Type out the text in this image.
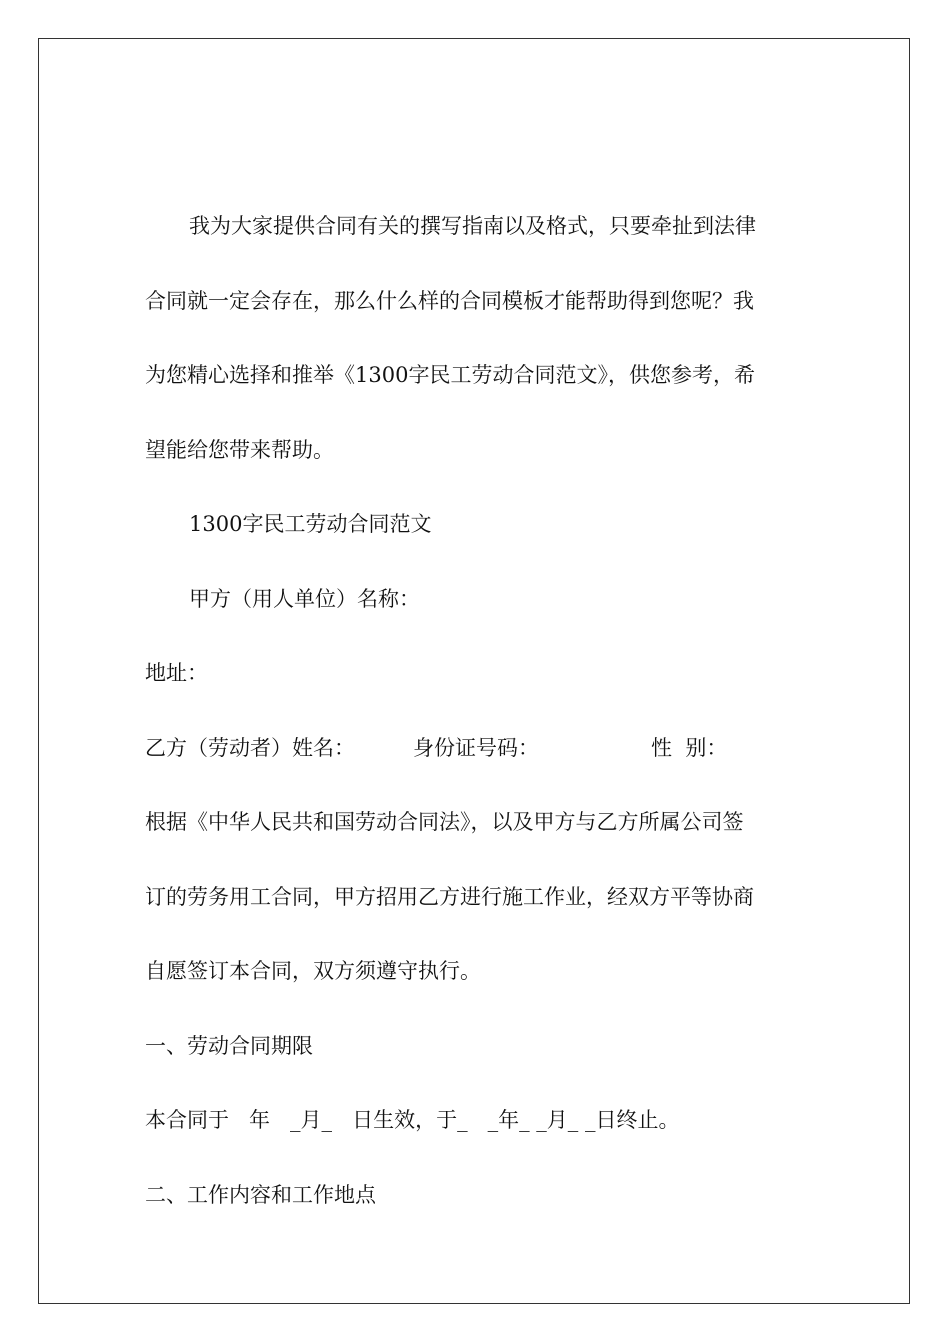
我为大家提供合同有关的撰写指南以及格式，只要牵扯到法律
合同就一定会存在，那么什么样的合同模板才能帮助得到您呢？我
为您精心选择和推举《1300字民工劳动合同范文》，供您参考，希
望能给您带来帮助。
1300字民工劳动合同范文
甲方（用人单位）名称：
地址：
乙方（劳动者）姓名：	身份证号码：	性  别：
根据《中华人民共和国劳动合同法》，以及甲方与乙方所属公司签
订的劳务用工合同，甲方招用乙方进行施工作业，经双方平等协商
自愿签订本合同，双方须遵守执行。
一、劳动合同期限
本合同于   年   _月_   日生效，于_   _年_ _月_ _日终止。
二、工作内容和工作地点
